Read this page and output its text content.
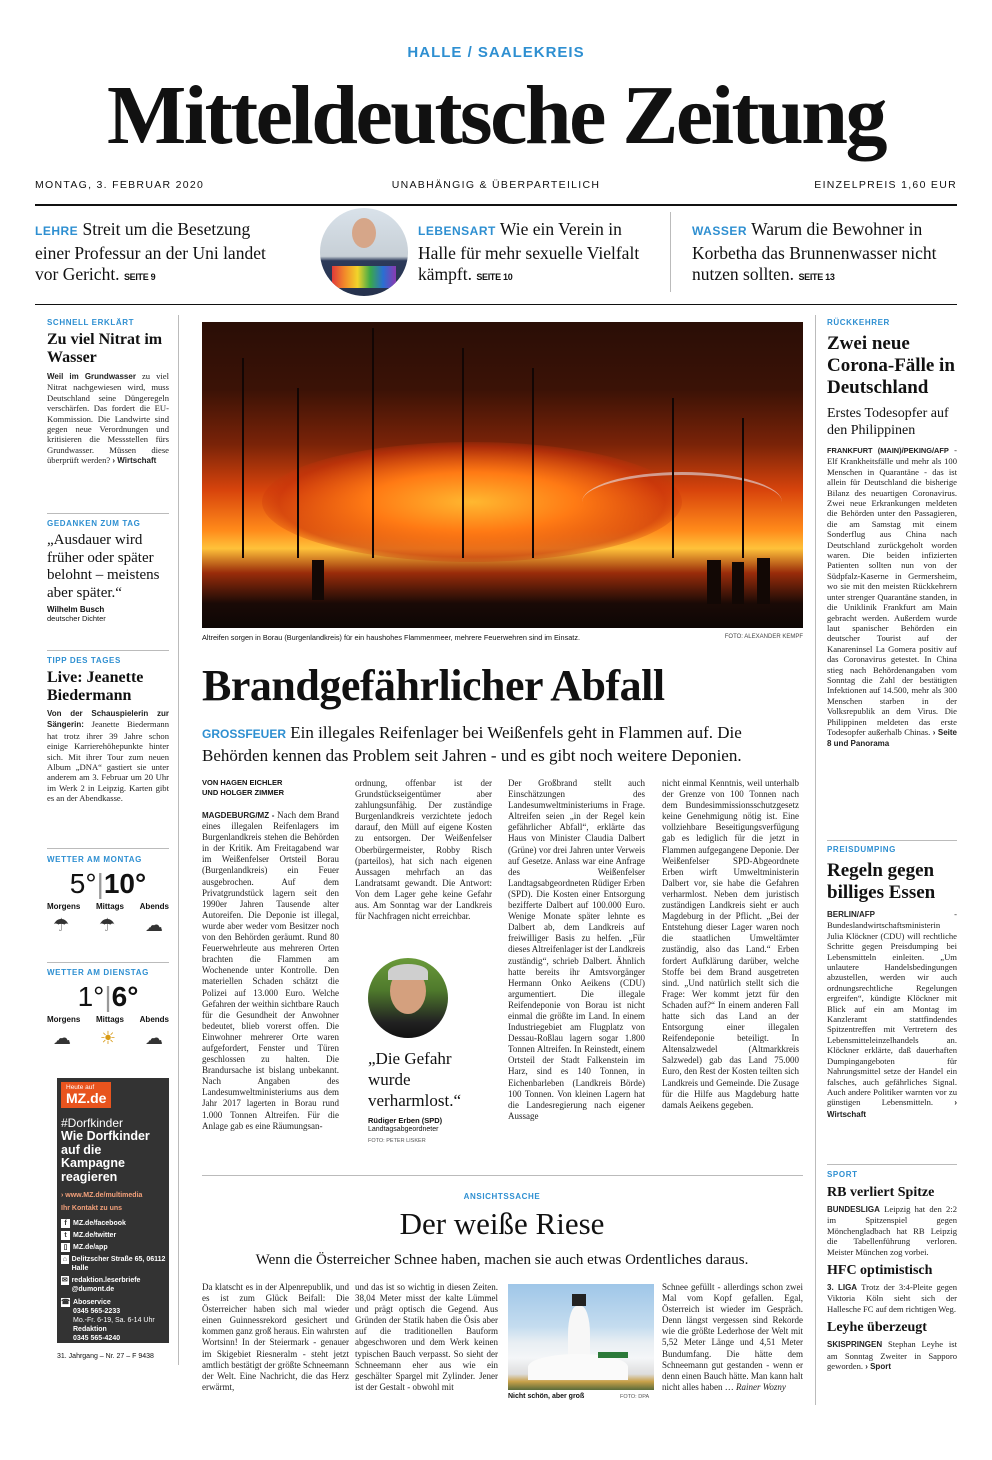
HALLE / SAALEKREIS
Mitteldeutsche Zeitung
MONTAG, 3. FEBRUAR 2020	UNABHÄNGIG & ÜBERPARTEILICH	EINZELPREIS 1,60 EUR
LEHRE Streit um die Besetzung einer Professur an der Uni landet vor Gericht. SEITE 9
LEBENSART Wie ein Verein in Halle für mehr sexuelle Vielfalt kämpft. SEITE 10
WASSER Warum die Bewohner in Korbetha das Brunnenwasser nicht nutzen sollten. SEITE 13
SCHNELL ERKLÄRT
Zu viel Nitrat im Wasser
Weil im Grundwasser zu viel Nitrat nachgewiesen wird, muss Deutschland seine Düngeregeln verschärfen. Das fordert die EU-Kommission. Die Landwirte sind gegen neue Verordnungen und kritisieren die Messstellen fürs Grundwasser. Müssen diese überprüft werden? › Wirtschaft
GEDANKEN ZUM TAG
„Ausdauer wird früher oder später belohnt – meistens aber später.“
Wilhelm Busch
deutscher Dichter
TIPP DES TAGES
Live: Jeanette Biedermann
Von der Schauspielerin zur Sängerin: Jeanette Biedermann hat trotz ihrer 39 Jahre schon einige Karrierehöhepunkte hinter sich. Mit ihrer Tour zum neuen Album „DNA“ gastiert sie unter anderem am 3. Februar um 20 Uhr im Werk 2 in Leipzig. Karten gibt es an der Abendkasse.
WETTER AM MONTAG
5°|10°
Morgens Mittags Abends
☂ ☂ ☁
WETTER AM DIENSTAG
1°|6°
Morgens Mittags Abends
☁ ☀ ☁
Heute auf
MZ.de
#Dorfkinder
Wie Dorfkinder auf die Kampagne reagieren
› www.MZ.de/multimedia
Ihr Kontakt zu uns
f MZ.de/facebook
t MZ.de/twitter
▯ MZ.de/app
⌂ Delitzscher Straße 65, 06112 Halle
✉ redaktion.leserbriefe @dumont.de
☎ Aboservice
0345 565-2233
Mo.-Fr. 6-19, Sa. 6-14 Uhr
Redaktion
0345 565-4240
31. Jahrgang – Nr. 27 – F 9438
Altreifen sorgen in Borau (Burgenlandkreis) für ein haushohes Flammenmeer, mehrere Feuerwehren sind im Einsatz.	FOTO: ALEXANDER KEMPF
Brandgefährlicher Abfall
GROSSFEUER Ein illegales Reifenlager bei Weißenfels geht in Flammen auf. Die Behörden kennen das Problem seit Jahren - und es gibt noch weitere Deponien.
VON HAGEN EICHLER
UND HOLGER ZIMMER
MAGDEBURG/MZ - Nach dem Brand eines illegalen Reifenlagers im Burgenlandkreis stehen die Behörden in der Kritik. Am Freitagabend war im Weißenfelser Ortsteil Borau (Burgenlandkreis) ein Feuer ausgebrochen. Auf dem Privatgrundstück lagern seit den 1990er Jahren Tausende alter Autoreifen. Die Deponie ist illegal, wurde aber weder vom Besitzer noch von den Behörden geräumt. Rund 80 Feuerwehrleute aus mehreren Orten brachten die Flammen am Wochenende unter Kontrolle. Den materiellen Schaden schätzt die Polizei auf 13.000 Euro. Welche Gefahren der weithin sichtbare Rauch für die Gesundheit der Anwohner bedeutet, blieb vorerst offen. Die Einwohner mehrerer Orte waren aufgefordert, Fenster und Türen geschlossen zu halten. Die Brandursache ist bislang unbekannt. Nach Angaben des Landesumweltministeriums aus dem Jahr 2017 lagerten in Borau rund 1.000 Tonnen Altreifen. Für die Anlage gab es eine Räumungsan-
ordnung, offenbar ist der Grundstückseigentümer aber zahlungsunfähig. Der zuständige Burgenlandkreis verzichtete jedoch darauf, den Müll auf eigene Kosten zu entsorgen. Der Weißenfelser Oberbürgermeister, Robby Risch (parteilos), hat sich nach eigenen Aussagen mehrfach an das Landratsamt gewandt. Die Antwort: Von dem Lager gehe keine Gefahr aus. Am Sonntag war der Landkreis für Nachfragen nicht erreichbar.
„Die Gefahr wurde verharmlost.“
Rüdiger Erben (SPD)
Landtagsabgeordneter
FOTO: PETER LISKER
Der Großbrand stellt auch Einschätzungen des Landesumweltministeriums in Frage. Altreifen seien „in der Regel kein gefährlicher Abfall“, erklärte das Haus von Minister Claudia Dalbert (Grüne) vor drei Jahren unter Verweis auf Gesetze. Anlass war eine Anfrage des Weißenfelser Landtagsabgeordneten Rüdiger Erben (SPD). Die Kosten einer Entsorgung bezifferte Dalbert auf 100.000 Euro. Wenige Monate später lehnte es Dalbert ab, dem Landkreis auf freiwilliger Basis zu helfen. „Für dieses Altreifenlager ist der Landkreis zuständig“, schrieb Dalbert. Ähnlich hatte bereits ihr Amtsvorgänger Hermann Onko Aeikens (CDU) argumentiert. Die illegale Reifendeponie von Borau ist nicht einmal die größte im Land. In einem Industriegebiet am Flugplatz von Dessau-Roßlau lagern sogar 1.800 Tonnen Altreifen. In Reinstedt, einem Ortsteil der Stadt Falkenstein im Harz, sind es 140 Tonnen, in Eichenbarleben (Landkreis Börde) 100 Tonnen. Von kleinen Lagern hat die Landesregierung nach eigener Aussage
nicht einmal Kenntnis, weil unterhalb der Grenze von 100 Tonnen nach dem Bundesimmissionsschutzgesetz keine Genehmigung nötig ist. Eine vollziehbare Beseitigungsverfügung gab es lediglich für die jetzt in Flammen aufgegangene Deponie. Der Weißenfelser SPD-Abgeordnete Erben wirft Umweltministerin Dalbert vor, sie habe die Gefahren verharmlost. Neben dem juristisch zuständigen Landkreis sieht er auch Magdeburg in der Pflicht. „Bei der Entstehung dieser Lager waren noch die staatlichen Umweltämter zuständig, also das Land.“ Erben fordert Aufklärung darüber, welche Stoffe bei dem Brand ausgetreten sind. „Und natürlich stellt sich die Frage: Wer kommt jetzt für den Schaden auf?“ In einem anderen Fall hatte sich das Land an der Entsorgung einer illegalen Reifendeponie beteiligt. In Altensalzwedel (Altmarkkreis Salzwedel) gab das Land 75.000 Euro, den Rest der Kosten teilten sich Landkreis und Gemeinde. Die Zusage für die Hilfe aus Magdeburg hatte damals Aeikens gegeben.
RÜCKKEHRER
Zwei neue Corona-Fälle in Deutschland
Erstes Todesopfer auf den Philippinen
FRANKFURT (MAIN)/PEKING/AFP - Elf Krankheitsfälle und mehr als 100 Menschen in Quarantäne - das ist allein für Deutschland die bisherige Bilanz des neuartigen Coronavirus. Zwei neue Erkrankungen meldeten die Behörden unter den Passagieren, die am Samstag mit einem Sonderflug aus China nach Deutschland zurückgeholt worden waren. Die beiden infizierten Patienten sollten nun von der Südpfalz-Kaserne in Germersheim, wo sie mit den meisten Rückkehrern unter strenger Quarantäne standen, in die Uniklinik Frankfurt am Main gebracht werden. Außerdem wurde laut spanischer Behörden ein deutscher Tourist auf der Kanareninsel La Gomera positiv auf das Coronavirus getestet. In China stieg nach Behördenangaben vom Sonntag die Zahl der bestätigten Infektionen auf 14.500, mehr als 300 Menschen starben in der Volksrepublik an dem Virus. Die Philippinen meldeten das erste Todesopfer außerhalb Chinas. › Seite 8 und Panorama
PREISDUMPING
Regeln gegen billiges Essen
BERLIN/AFP	- Bundeslandwirtschaftsministerin Julia Klöckner (CDU) will rechtliche Schritte gegen Preisdumping bei Lebensmitteln einleiten. „Um unlautere Handelsbedingungen abzustellen, werden wir auch ordnungsrechtliche Regelungen ergreifen“, kündigte Klöckner mit Blick auf ein am Montag im Kanzleramt stattfindendes Spitzentreffen mit Vertretern des Lebensmitteleinzelhandels an. Klöckner erklärte, daß dauerhaften Dumpingangeboten für Nahrungsmittel setze der Handel ein falsches, auch gefährliches Signal. Auch andere Politiker warnten vor zu günstigen Lebensmitteln.	› Wirtschaft
SPORT
RB verliert Spitze
BUNDESLIGA Leipzig hat den 2:2 im Spitzenspiel gegen Mönchengladbach hat RB Leipzig die Tabellenführung verloren. Meister München zog vorbei.
HFC optimistisch
3. LIGA Trotz der 3:4-Pleite gegen Viktoria Köln sieht sich der Hallesche FC auf dem richtigen Weg.
Leyhe überzeugt
SKISPRINGEN Stephan Leyhe ist am Sonntag Zweiter in Sapporo geworden. › Sport
ANSICHTSSACHE
Der weiße Riese
Wenn die Österreicher Schnee haben, machen sie auch etwas Ordentliches daraus.
Da klatscht es in der Alpenrepublik, und es ist zum Glück Beifall: Die Österreicher haben sich mal wieder einen Guinnessrekord gesichert und kommen ganz groß heraus. Ein wahrsten Wortsinn! In der Steiermark - genauer im Skigebiet Riesneralm - steht jetzt amtlich bestätigt der größte Schneemann der Welt. Eine Nachricht, die das Herz erwärmt,
und das ist so wichtig in diesen Zeiten. 38,04 Meter misst der kalte Lümmel und prägt optisch die Gegend. Aus Gründen der Statik haben die Ösis aber auf die traditionellen Bauform abgeschworen und dem Werk keinen typischen Bauch verpasst. So sieht der Schneemann eher aus wie ein geschälter Spargel mit Zylinder. Jener ist der Gestalt - obwohl mit
Nicht schön, aber groß	FOTO: DPA
Schnee gefüllt - allerdings schon zwei Mal vom Kopf gefallen. Egal, Österreich ist wieder im Gespräch. Denn längst vergessen sind Rekorde wie die größte Lederhose der Welt mit 5,52 Meter Länge und 4,51 Meter Bundumfang. Die hätte dem Schneemann gut gestanden - wenn er denn einen Bauch hätte. Man kann halt nicht alles haben … Rainer Wozny
